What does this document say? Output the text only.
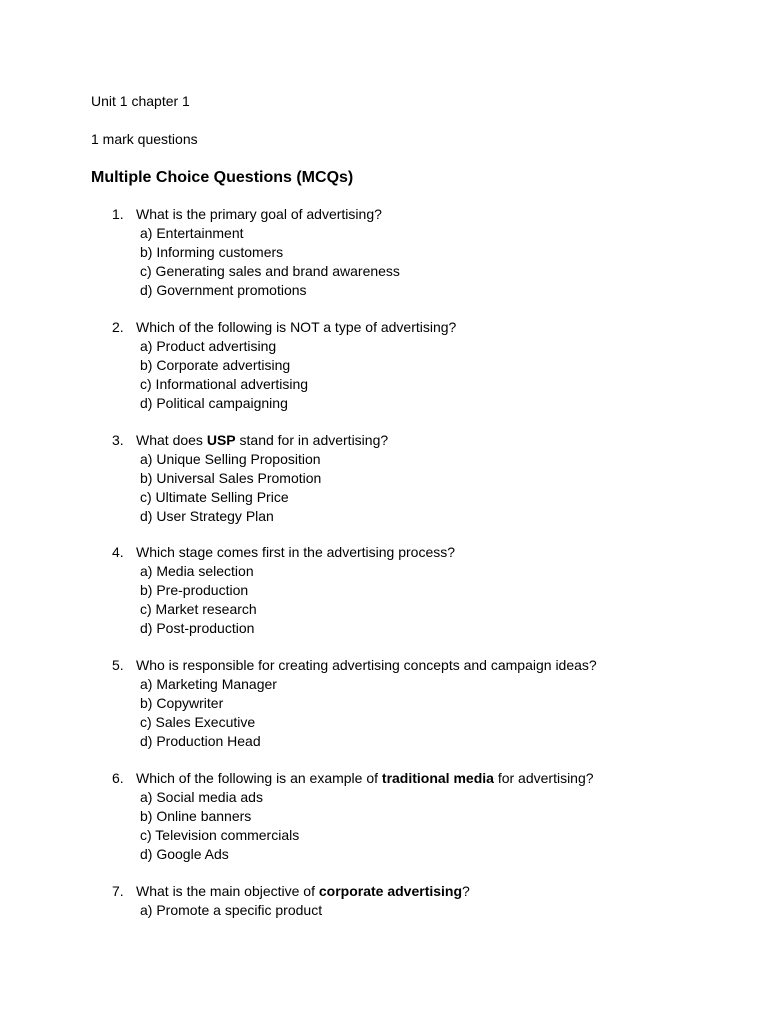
Unit 1 chapter 1
1 mark questions
Multiple Choice Questions (MCQs)
1. What is the primary goal of advertising?
a) Entertainment
b) Informing customers
c) Generating sales and brand awareness
d) Government promotions
2. Which of the following is NOT a type of advertising?
a) Product advertising
b) Corporate advertising
c) Informational advertising
d) Political campaigning
3. What does USP stand for in advertising?
a) Unique Selling Proposition
b) Universal Sales Promotion
c) Ultimate Selling Price
d) User Strategy Plan
4. Which stage comes first in the advertising process?
a) Media selection
b) Pre-production
c) Market research
d) Post-production
5. Who is responsible for creating advertising concepts and campaign ideas?
a) Marketing Manager
b) Copywriter
c) Sales Executive
d) Production Head
6. Which of the following is an example of traditional media for advertising?
a) Social media ads
b) Online banners
c) Television commercials
d) Google Ads
7. What is the main objective of corporate advertising?
a) Promote a specific product
